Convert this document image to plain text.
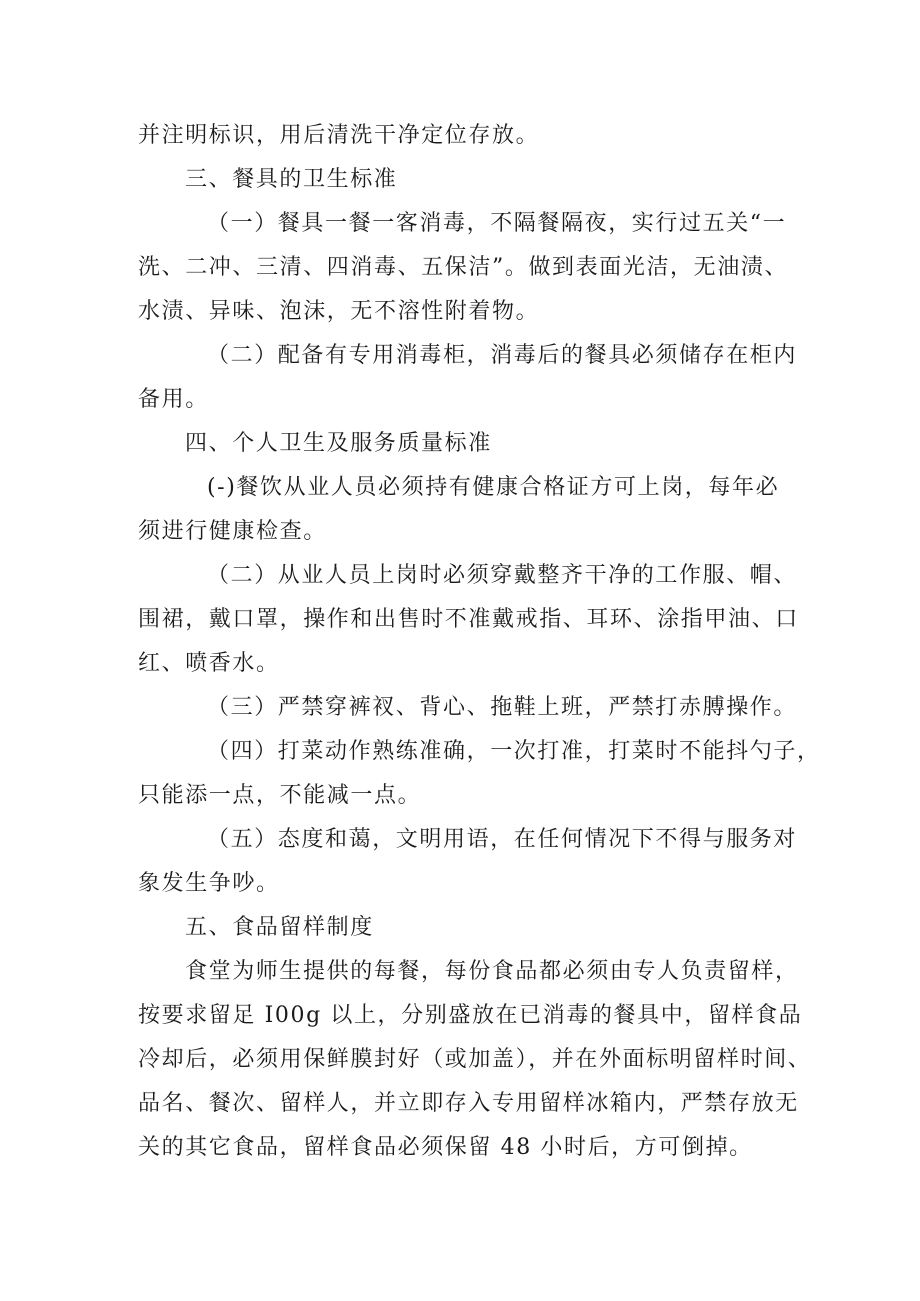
并注明标识，用后清洗干净定位存放。
三、餐具的卫生标准
（一）餐具一餐一客消毒，不隔餐隔夜，实行过五关“一
洗、二冲、三清、四消毒、五保洁”。做到表面光洁，无油渍、
水渍、异味、泡沫，无不溶性附着物。
（二）配备有专用消毒柜，消毒后的餐具必须储存在柜内
备用。
四、个人卫生及服务质量标准
(-)餐饮从业人员必须持有健康合格证方可上岗，每年必
须进行健康检查。
（二）从业人员上岗时必须穿戴整齐干净的工作服、帽、
围裙，戴口罩，操作和出售时不准戴戒指、耳环、涂指甲油、口
红、喷香水。
（三）严禁穿裤衩、背心、拖鞋上班，严禁打赤膊操作。
（四）打菜动作熟练准确，一次打准，打菜时不能抖勺子，
只能添一点，不能减一点。
（五）态度和蔼，文明用语，在任何情况下不得与服务对
象发生争吵。
五、食品留样制度
食堂为师生提供的每餐，每份食品都必须由专人负责留样，
按要求留足 I00g 以上，分别盛放在已消毒的餐具中，留样食品
冷却后，必须用保鲜膜封好（或加盖），并在外面标明留样时间、
品名、餐次、留样人，并立即存入专用留样冰箱内，严禁存放无
关的其它食品，留样食品必须保留 48 小时后，方可倒掉。
